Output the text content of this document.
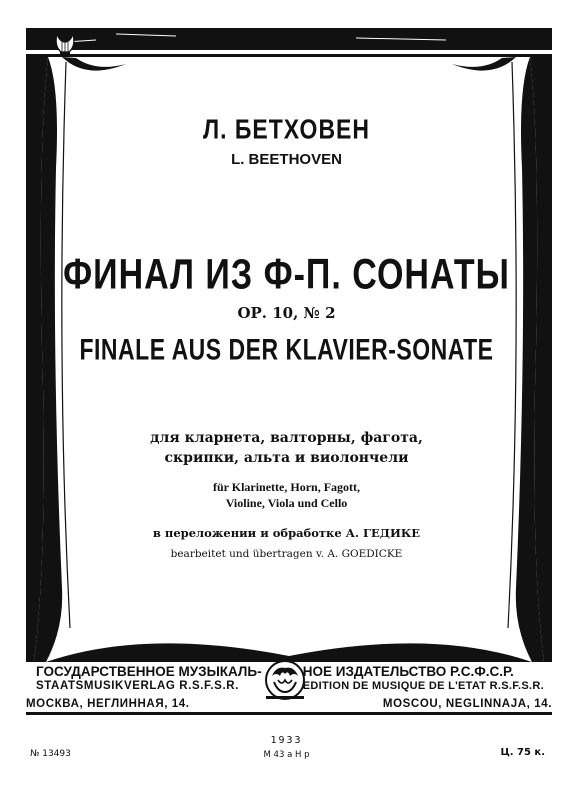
Л. БЕТХОВЕН
L. BEETHOVEN
ФИНАЛ ИЗ Ф-П. СОНАТЫ
ОР. 10, № 2
FINALE AUS DER KLAVIER-SONATE
для кларнета, валторны, фагота,
скрипки, альта и виолончели
für Klarinette, Horn, Fagott,
Violine, Viola und Cello
в переложении и обработке А. ГЕДИКЕ
bearbeitet und übertragen v. A. GOEDICKE
ГОСУДАРСТВЕННОЕ МУЗЫКАЛЬ-
STAATSMUSIKVERLAG R.S.F.S.R.
НОЕ ИЗДАТЕЛЬСТВО Р.С.Ф.С.Р.
EDITION DE MUSIQUE DE L'ETAT R.S.F.S.R.
МОСКВА, НЕГЛИННАЯ, 14.	MOSCOU, NEGLINNAJA, 14.
1933
М 43 а Н р
№ 13493	Ц. 75 к.
